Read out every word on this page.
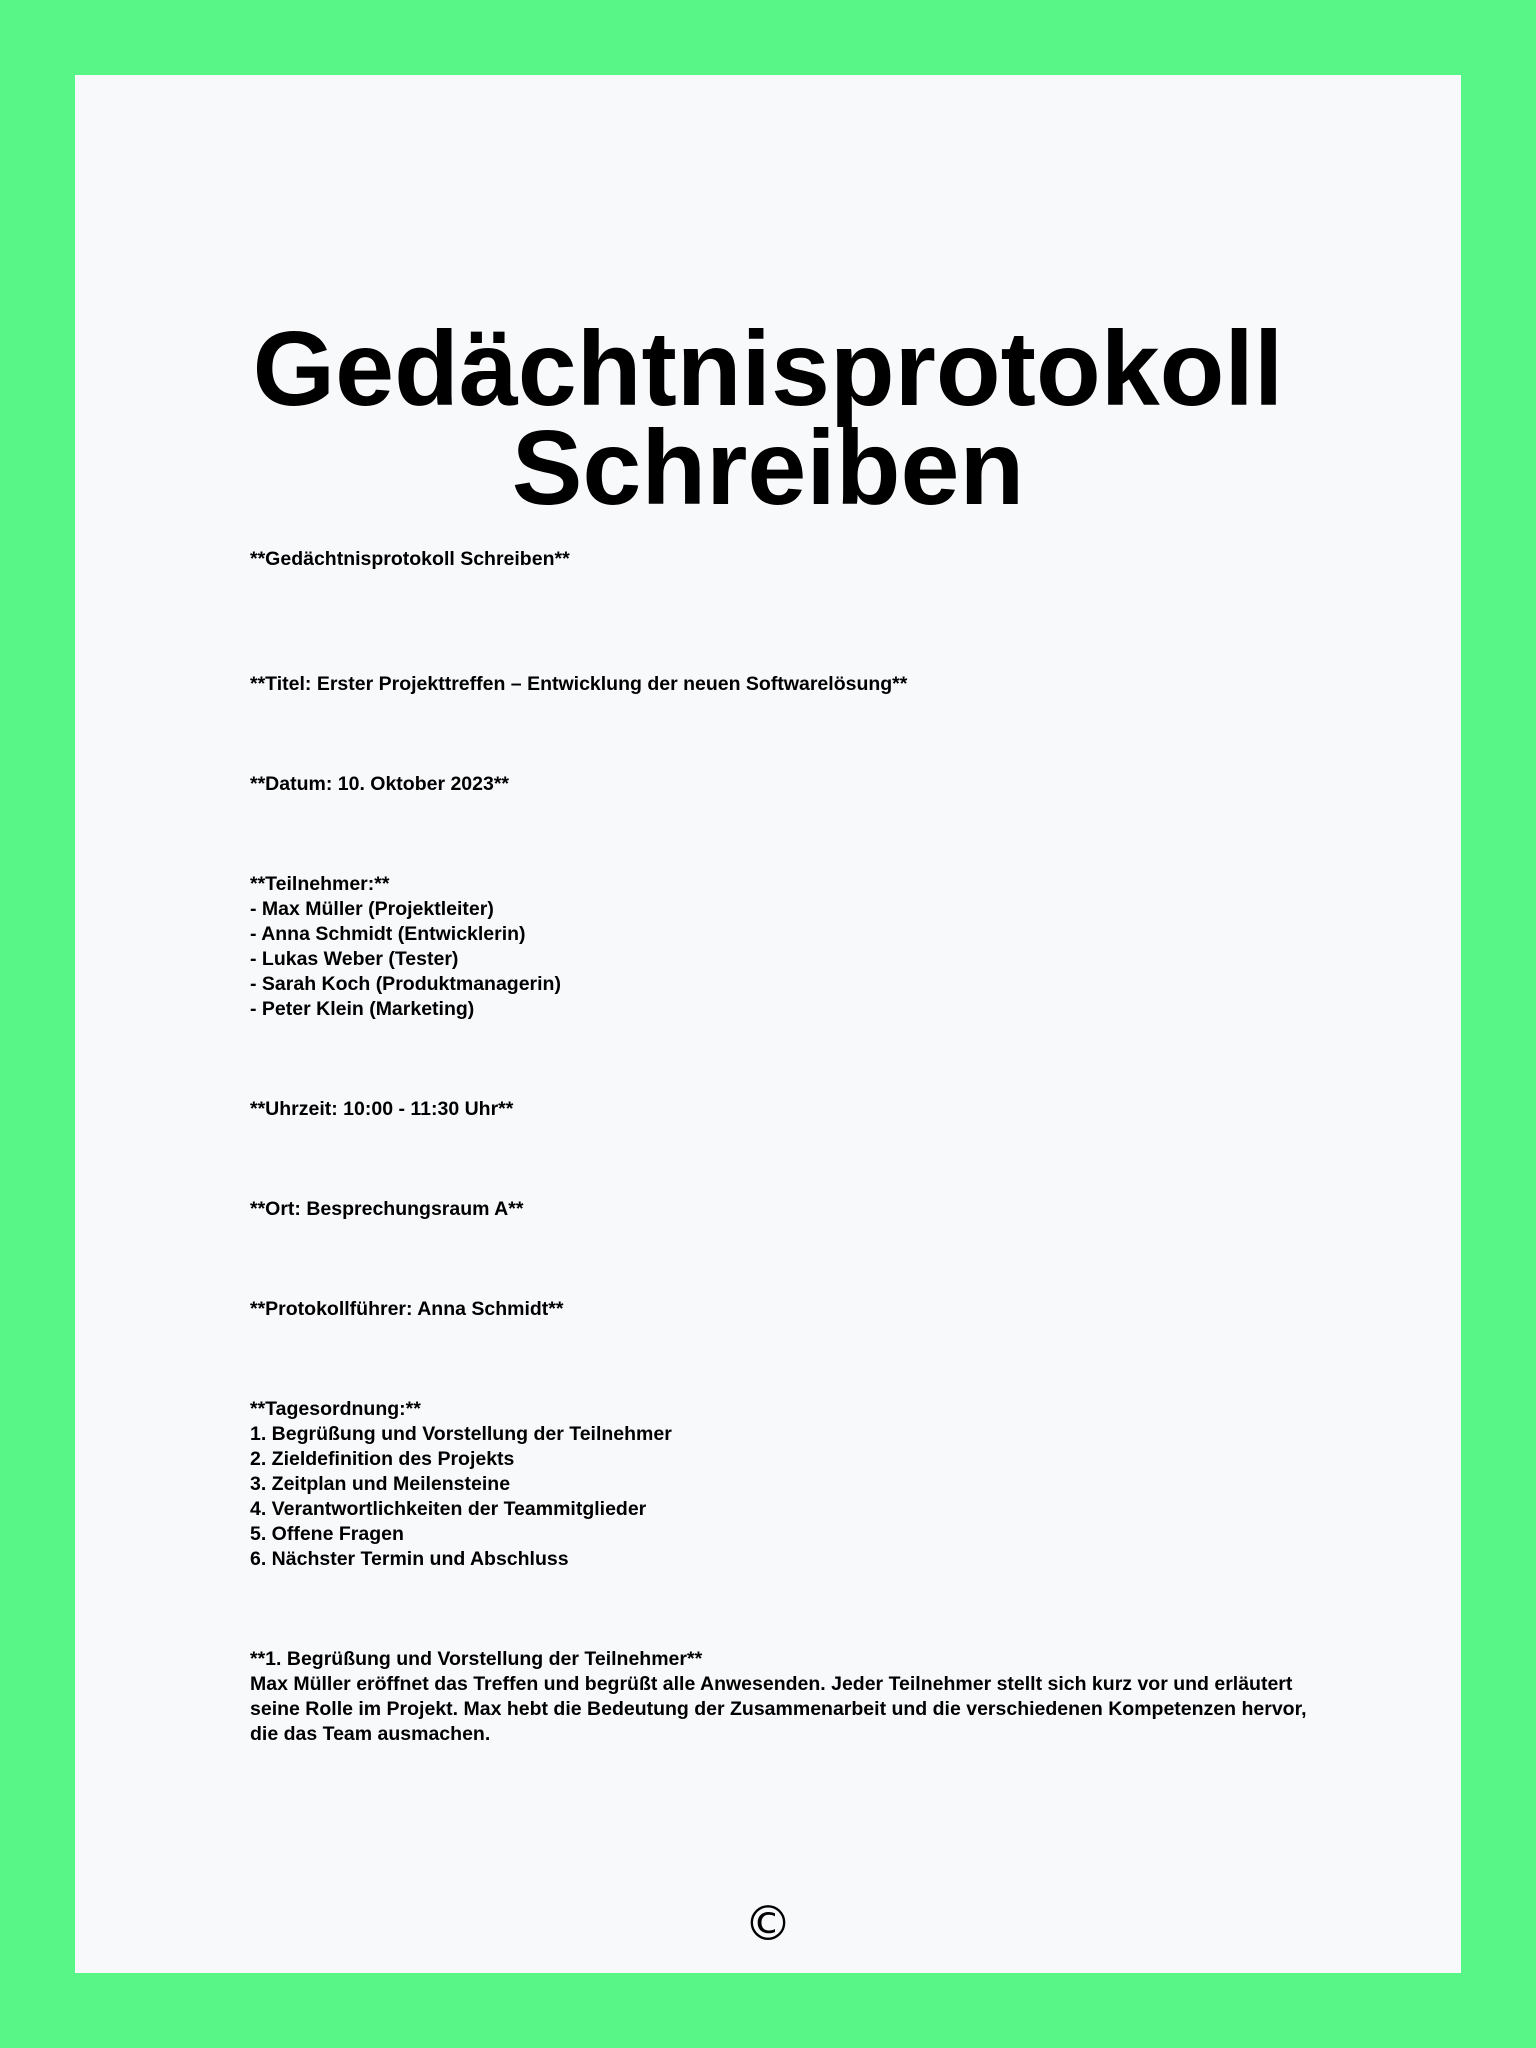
Gedächtnisprotokoll
Schreiben

**Gedächtnisprotokoll Schreiben**

**Titel: Erster Projekttreffen – Entwicklung der neuen Softwarelösung**

**Datum: 10. Oktober 2023**

**Teilnehmer:**

- Max Müller (Projektleiter)

- Anna Schmidt (Entwicklerin)

- Lukas Weber (Tester)

- Sarah Koch (Produktmanagerin)

- Peter Klein (Marketing)

**Uhrzeit: 10:00 - 11:30 Uhr**

**Ort: Besprechungsraum A**

**Protokollführer: Anna Schmidt**

**Tagesordnung:**

1. Begrüßung und Vorstellung der Teilnehmer

2. Zieldefinition des Projekts

3. Zeitplan und Meilensteine

4. Verantwortlichkeiten der Teammitglieder

5. Offene Fragen

6. Nächster Termin und Abschluss

**1. Begrüßung und Vorstellung der Teilnehmer**

Max Müller eröffnet das Treffen und begrüßt alle Anwesenden. Jeder Teilnehmer stellt sich kurz vor und erläutert seine Rolle im Projekt. Max hebt die Bedeutung der Zusammenarbeit und die verschiedenen Kompetenzen hervor, die das Team ausmachen.

©
